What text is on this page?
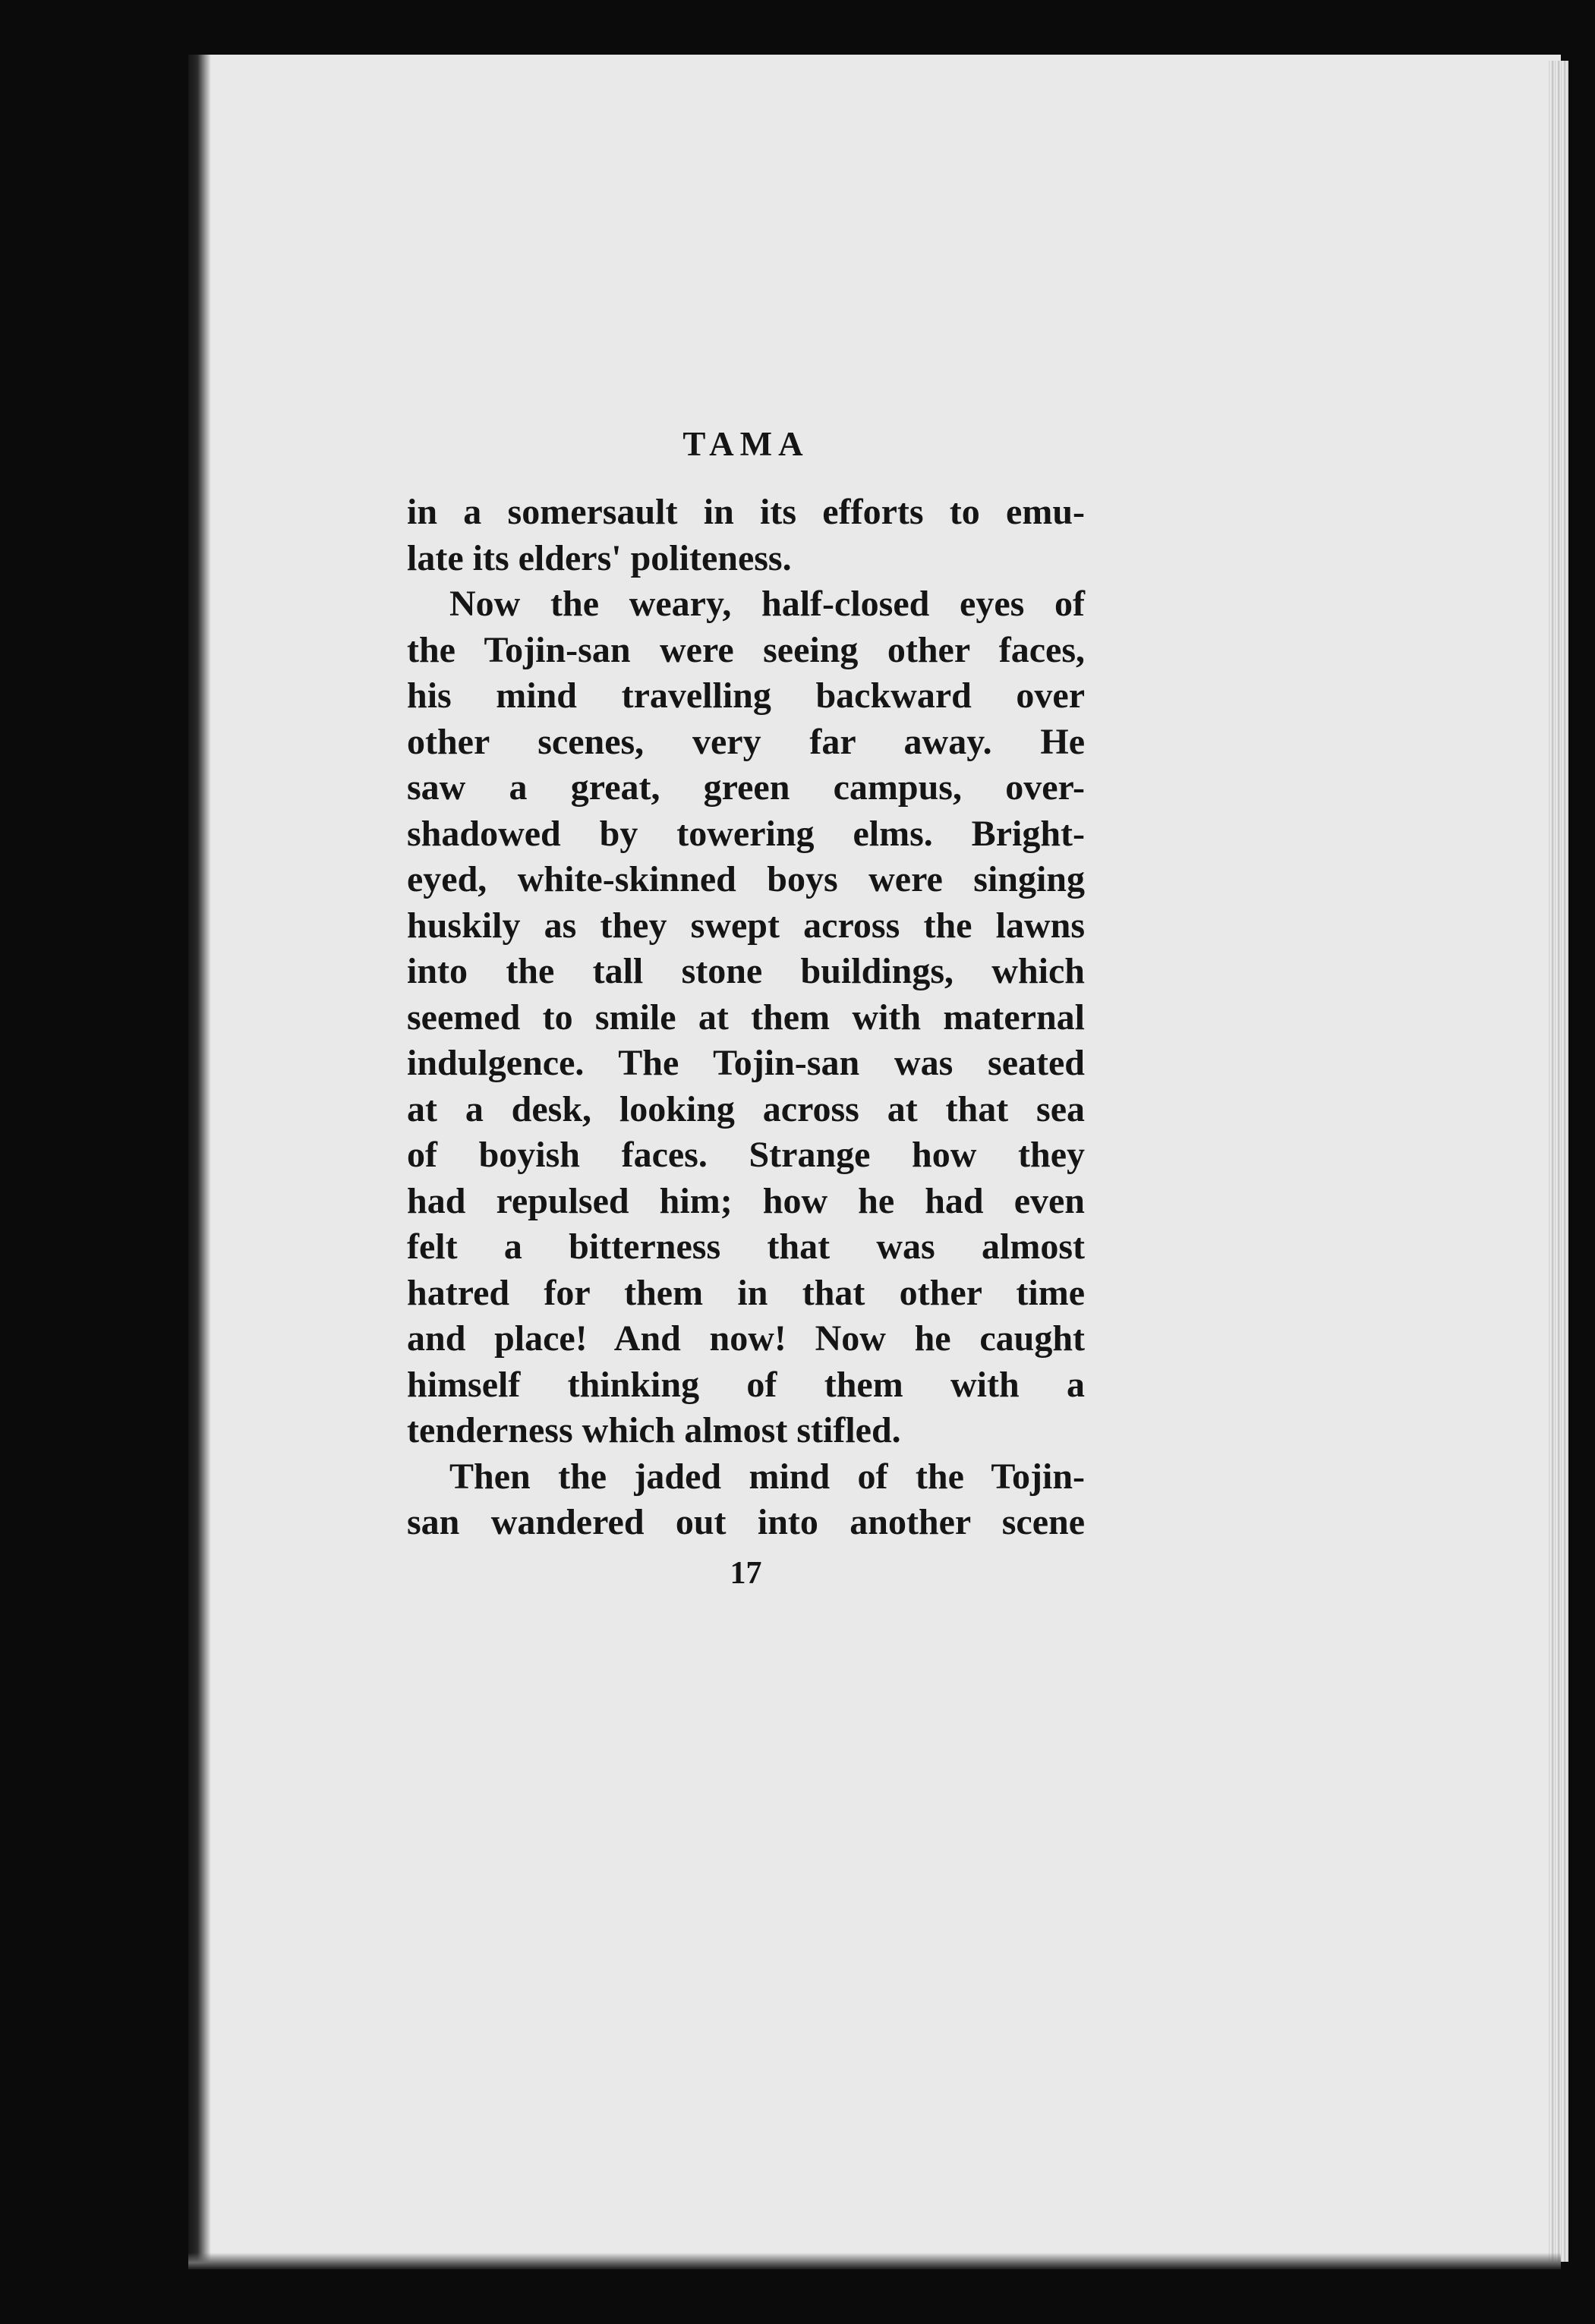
TAMA
in a somersault in its efforts to emu-
late its elders' politeness.
Now the weary, half-closed eyes of
the Tojin-san were seeing other faces,
his mind travelling backward over
other scenes, very far away. He
saw a great, green campus, over-
shadowed by towering elms. Bright-
eyed, white-skinned boys were singing
huskily as they swept across the lawns
into the tall stone buildings, which
seemed to smile at them with maternal
indulgence. The Tojin-san was seated
at a desk, looking across at that sea
of boyish faces. Strange how they
had repulsed him; how he had even
felt a bitterness that was almost
hatred for them in that other time
and place! And now! Now he caught
himself thinking of them with a
tenderness which almost stifled.
Then the jaded mind of the Tojin-
san wandered out into another scene
17
